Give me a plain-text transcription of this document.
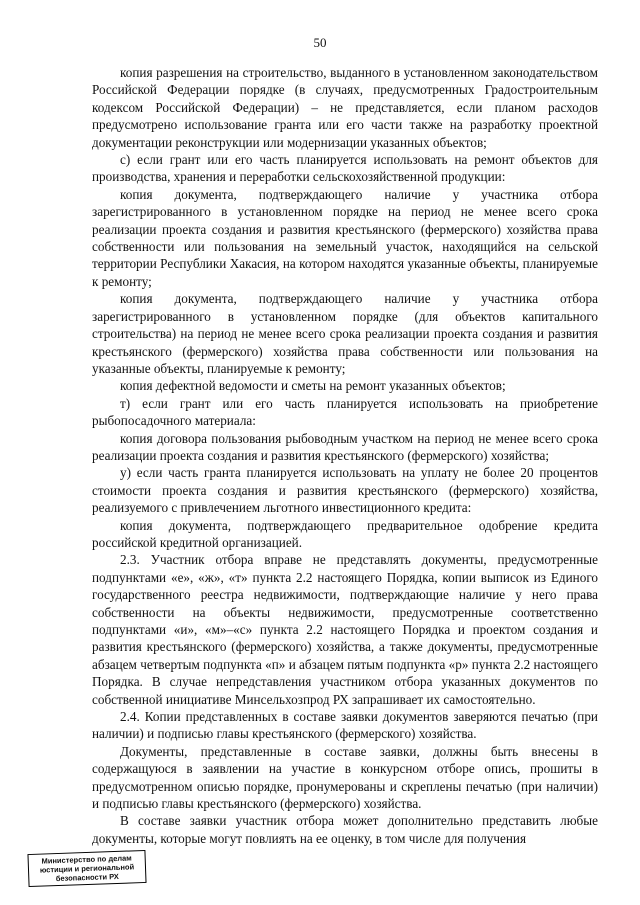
50

копия разрешения на строительство, выданного в установленном законодательством Российской Федерации порядке (в случаях, предусмотренных Градостроительным кодексом Российской Федерации) – не представляется, если планом расходов предусмотрено использование гранта или его части также на разработку проектной документации реконструкции или модернизации указанных объектов;

с) если грант или его часть планируется использовать на ремонт объектов для производства, хранения и переработки сельскохозяйственной продукции:

копия документа, подтверждающего наличие у участника отбора зарегистрированного в установленном порядке на период не менее всего срока реализации проекта создания и развития крестьянского (фермерского) хозяйства права собственности или пользования на земельный участок, находящийся на сельской территории Республики Хакасия, на котором находятся указанные объекты, планируемые к ремонту;

копия документа, подтверждающего наличие у участника отбора зарегистрированного в установленном порядке (для объектов капитального строительства) на период не менее всего срока реализации проекта создания и развития крестьянского (фермерского) хозяйства права собственности или пользования на указанные объекты, планируемые к ремонту;

копия дефектной ведомости и сметы на ремонт указанных объектов;

т) если грант или его часть планируется использовать на приобретение рыбопосадочного материала:

копия договора пользования рыбоводным участком на период не менее всего срока реализации проекта создания и развития крестьянского (фермерского) хозяйства;

у) если часть гранта планируется использовать на уплату не более 20 процентов стоимости проекта создания и развития крестьянского (фермерского) хозяйства, реализуемого с привлечением льготного инвестиционного кредита:

копия документа, подтверждающего предварительное одобрение кредита российской кредитной организацией.

2.3. Участник отбора вправе не представлять документы, предусмотренные подпунктами «е», «ж», «т» пункта 2.2 настоящего Порядка, копии выписок из Единого государственного реестра недвижимости, подтверждающие наличие у него права собственности на объекты недвижимости, предусмотренные соответственно подпунктами «и», «м»–«с» пункта 2.2 настоящего Порядка и проектом создания и развития крестьянского (фермерского) хозяйства, а также документы, предусмотренные абзацем четвертым подпункта «п» и абзацем пятым подпункта «р» пункта 2.2 настоящего Порядка. В случае непредставления участником отбора указанных документов по собственной инициативе Минсельхозпрод РХ запрашивает их самостоятельно.

2.4. Копии представленных в составе заявки документов заверяются печатью (при наличии) и подписью главы крестьянского (фермерского) хозяйства.

Документы, представленные в составе заявки, должны быть внесены в содержащуюся в заявлении на участие в конкурсном отборе опись, прошиты в предусмотренном описью порядке, пронумерованы и скреплены печатью (при наличии) и подписью главы крестьянского (фермерского) хозяйства.

В составе заявки участник отбора может дополнительно представить любые документы, которые могут повлиять на ее оценку, в том числе для получения

Министерство по делам
юстиции и региональной
безопасности РХ
